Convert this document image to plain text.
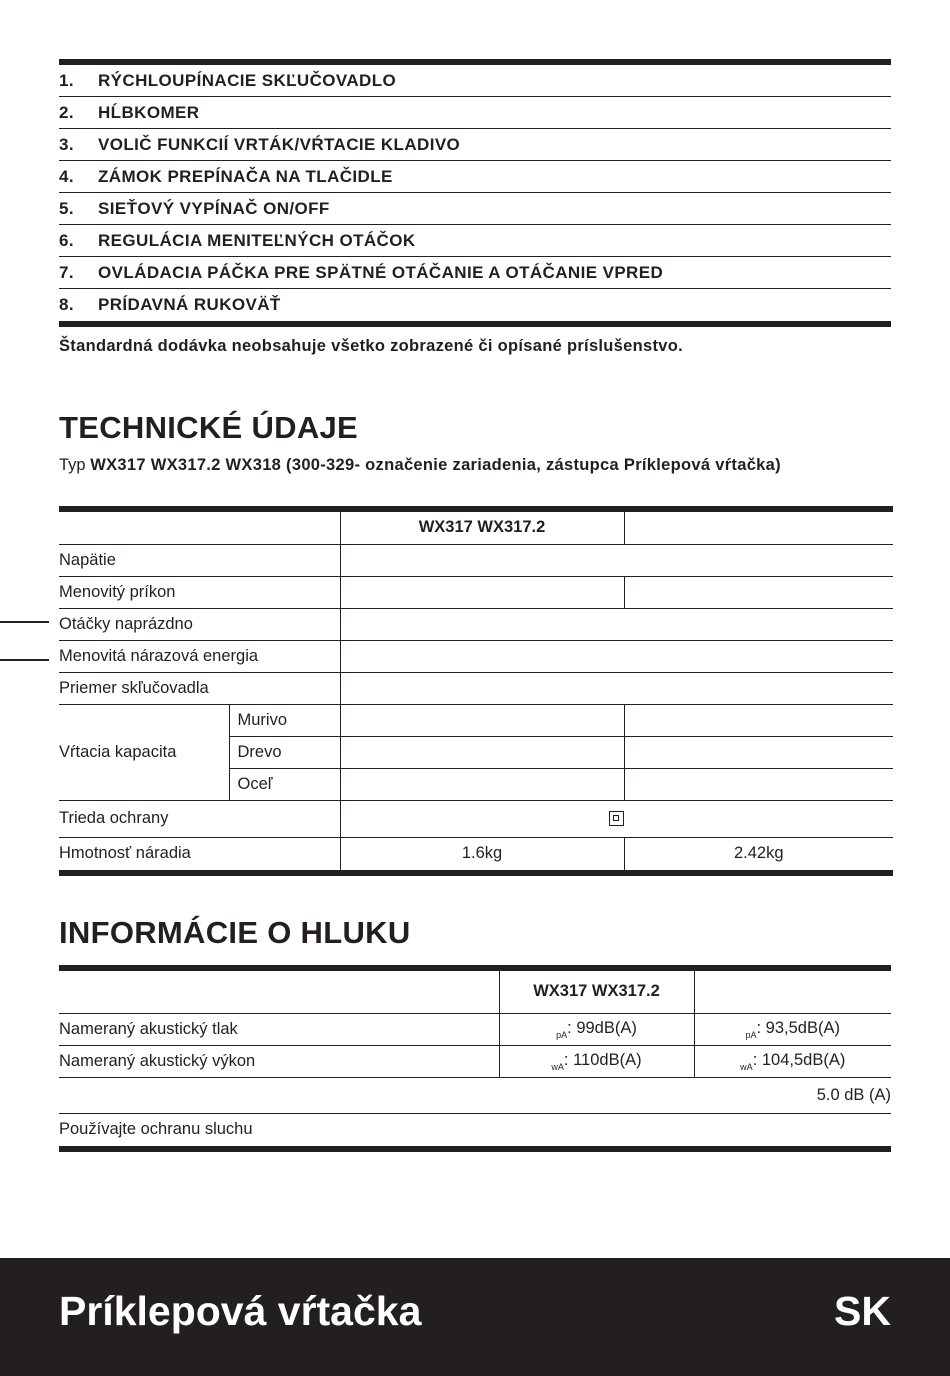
1.	RÝCHLOUPÍNACIE SKĽUČOVADLO
2.	HĹBKOMER
3.	VOLIČ FUNKCIÍ VRTÁK/VŔTACIE KLADIVO
4.	ZÁMOK PREPÍNAČA NA TLAČIDLE
5.	SIEŤOVÝ VYPÍNAČ ON/OFF
6.	REGULÁCIA MENITEĽNÝCH OTÁČOK
7.	OVLÁDACIA PÁČKA PRE SPÄTNÉ OTÁČANIE A OTÁČANIE VPRED
8.	PRÍDAVNÁ RUKOVÄŤ
Štandardná dodávka neobsahuje všetko zobrazené či opísané príslušenstvo.
TECHNICKÉ ÚDAJE
Typ WX317 WX317.2 WX318 (300-329- označenie zariadenia, zástupca Príklepová vŕtačka)
		WX317 WX317.2	
Napätie			
Menovitý príkon			
Otáčky naprázdno			
Menovitá nárazová energia			
Priemer skľučovadla			
Vŕtacia kapacita	Murivo		
	Drevo		
	Oceľ		
Trieda ochrany			
Hmotnosť náradia		1.6kg	2.42kg
INFORMÁCIE O HLUKU
	WX317 WX317.2	
Nameraný akustický tlak	$_{pA}$: 99dB(A)	$_{pA}$: 93,5dB(A)
Nameraný akustický výkon	$_{wA}$: 110dB(A)	$_{wA}$: 104,5dB(A)
5.0 dB (A)		
Používajte ochranu sluchu		
Príklepová vŕtačka	SK
